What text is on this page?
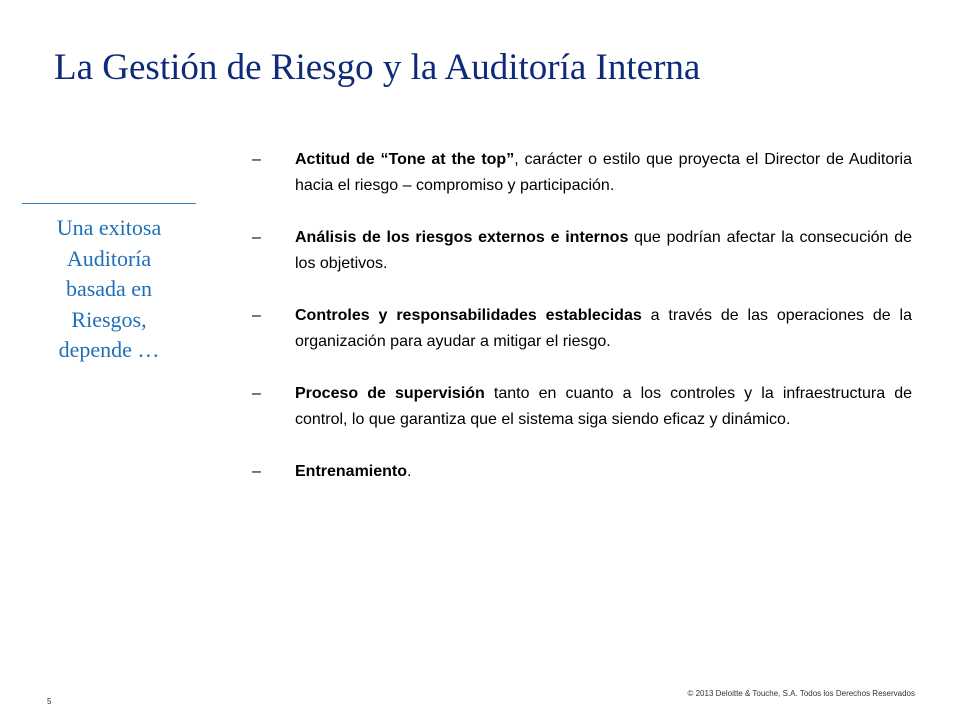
La Gestión de Riesgo y la Auditoría Interna
Una exitosa
Auditoría
basada en
Riesgos,
depende …
–	Actitud de “Tone at the top”, carácter o estilo que proyecta el Director de Auditoria hacia el riesgo – compromiso y participación.
–	Análisis de los riesgos externos e internos que podrían afectar la consecución de los objetivos.
–	Controles y responsabilidades establecidas a través de las operaciones de la organización para ayudar a mitigar el riesgo.
–	Proceso de supervisión tanto en cuanto a los controles y la infraestructura de control, lo que garantiza que el sistema siga siendo eficaz y dinámico.
–	Entrenamiento.
5
© 2013 Deloitte & Touche, S.A. Todos los Derechos Reservados
